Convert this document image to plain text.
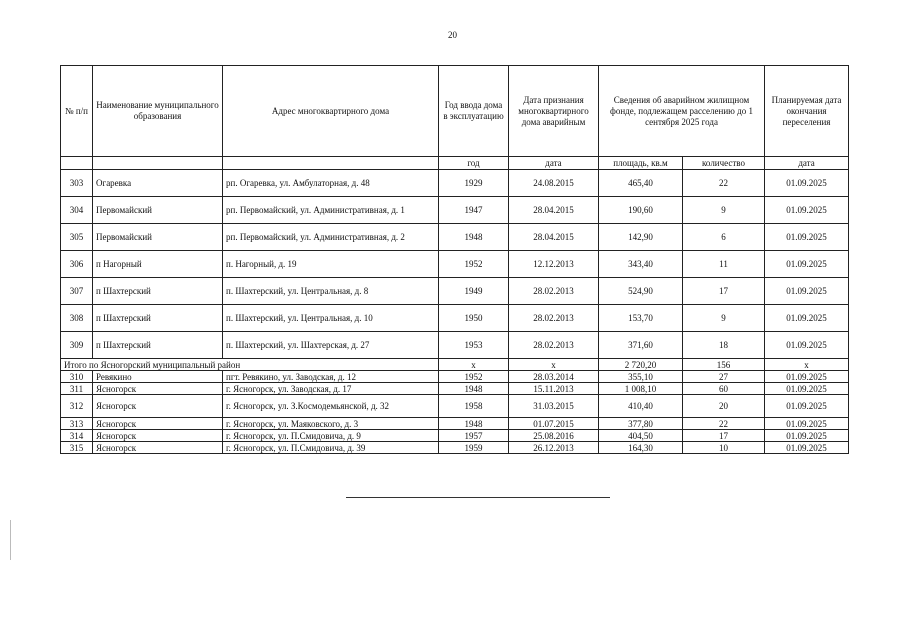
20
№ п/п	Наименование муниципального образования	Адрес многоквартирного дома	Год ввода дома в эксплуатацию	Дата признания многоквартирного дома аварийным	Сведения об аварийном жилищном фонде, подлежащем расселению до 1 сентября 2025 года		Планируемая дата окончания переселения
			год	дата	площадь, кв.м	количество	дата
303	Огаревка	рп. Огаревка, ул. Амбулаторная, д. 48	1929	24.08.2015	465,40	22	01.09.2025
304	Первомайский	рп. Первомайский, ул. Административная, д. 1	1947	28.04.2015	190,60	9	01.09.2025
305	Первомайский	рп. Первомайский, ул. Административная, д. 2	1948	28.04.2015	142,90	6	01.09.2025
306	п Нагорный	п. Нагорный, д. 19	1952	12.12.2013	343,40	11	01.09.2025
307	п Шахтерский	п. Шахтерский, ул. Центральная, д. 8	1949	28.02.2013	524,90	17	01.09.2025
308	п Шахтерский	п. Шахтерский, ул. Центральная, д. 10	1950	28.02.2013	153,70	9	01.09.2025
309	п Шахтерский	п. Шахтерский, ул. Шахтерская, д. 27	1953	28.02.2013	371,60	18	01.09.2025
Итого по Ясногорский муниципальный район			х	х	2 720,20	156	х
310	Ревякино	пгт. Ревякино, ул. Заводская, д. 12	1952	28.03.2014	355,10	27	01.09.2025
311	Ясногорск	г. Ясногорск, ул. Заводская, д. 17	1948	15.11.2013	1 008,10	60	01.09.2025
312	Ясногорск	г. Ясногорск, ул. З.Космодемьянской, д. 32	1958	31.03.2015	410,40	20	01.09.2025
313	Ясногорск	г. Ясногорск, ул. Маяковского, д. 3	1948	01.07.2015	377,80	22	01.09.2025
314	Ясногорск	г. Ясногорск, ул. П.Смидовича, д. 9	1957	25.08.2016	404,50	17	01.09.2025
315	Ясногорск	г. Ясногорск, ул. П.Смидовича, д. 39	1959	26.12.2013	164,30	10	01.09.2025
